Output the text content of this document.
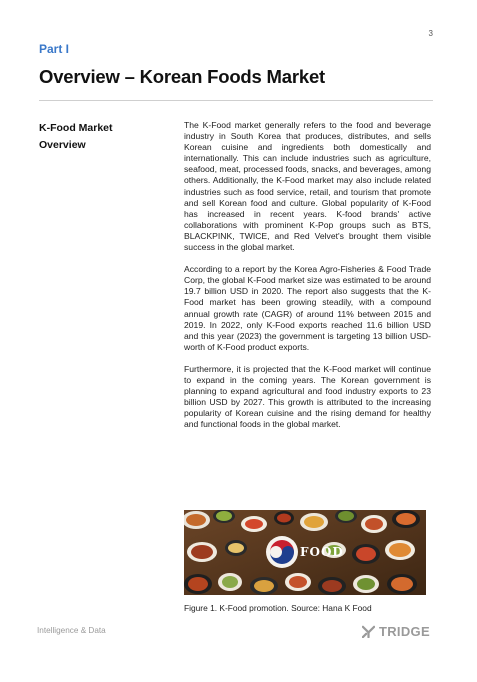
3
Part I
Overview – Korean Foods Market
K-Food Market
Overview

The K-Food market generally refers to the food and beverage industry in South Korea that produces, distributes, and sells Korean cuisine and ingredients both domestically and internationally. This can include industries such as agriculture, seafood, meat, processed foods, snacks, and beverages, among others. Additionally, the K-Food market may also include related industries such as food service, retail, and tourism that promote and sell Korean food and culture. Global popularity of K-Food has increased in recent years. K-food brands' active collaborations with prominent K-Pop groups such as BTS, BLACKPINK, TWICE, and Red Velvet's brought them visible success in the global market.

According to a report by the Korea Agro-Fisheries & Food Trade Corp, the global K-Food market size was estimated to be around 19.7 billion USD in 2020. The report also suggests that the K-Food market has been growing steadily, with a compound annual growth rate (CAGR) of around 11% between 2015 and 2019. In 2022, only K-Food exports reached 11.6 billion USD and this year (2023) the government is targeting 13 billion USD-worth of K-Food product exports.

Furthermore, it is projected that the K-Food market will continue to expand in the coming years. The Korean government is planning to expand agricultural and food industry exports to 23 billion USD by 2027. This growth is attributed to the increasing popularity of Korean cuisine and the rising demand for healthy and functional foods in the global market.

FOOD
Figure 1. K-Food promotion. Source: Hana K Food
Intelligence & Data	TRIDGE
